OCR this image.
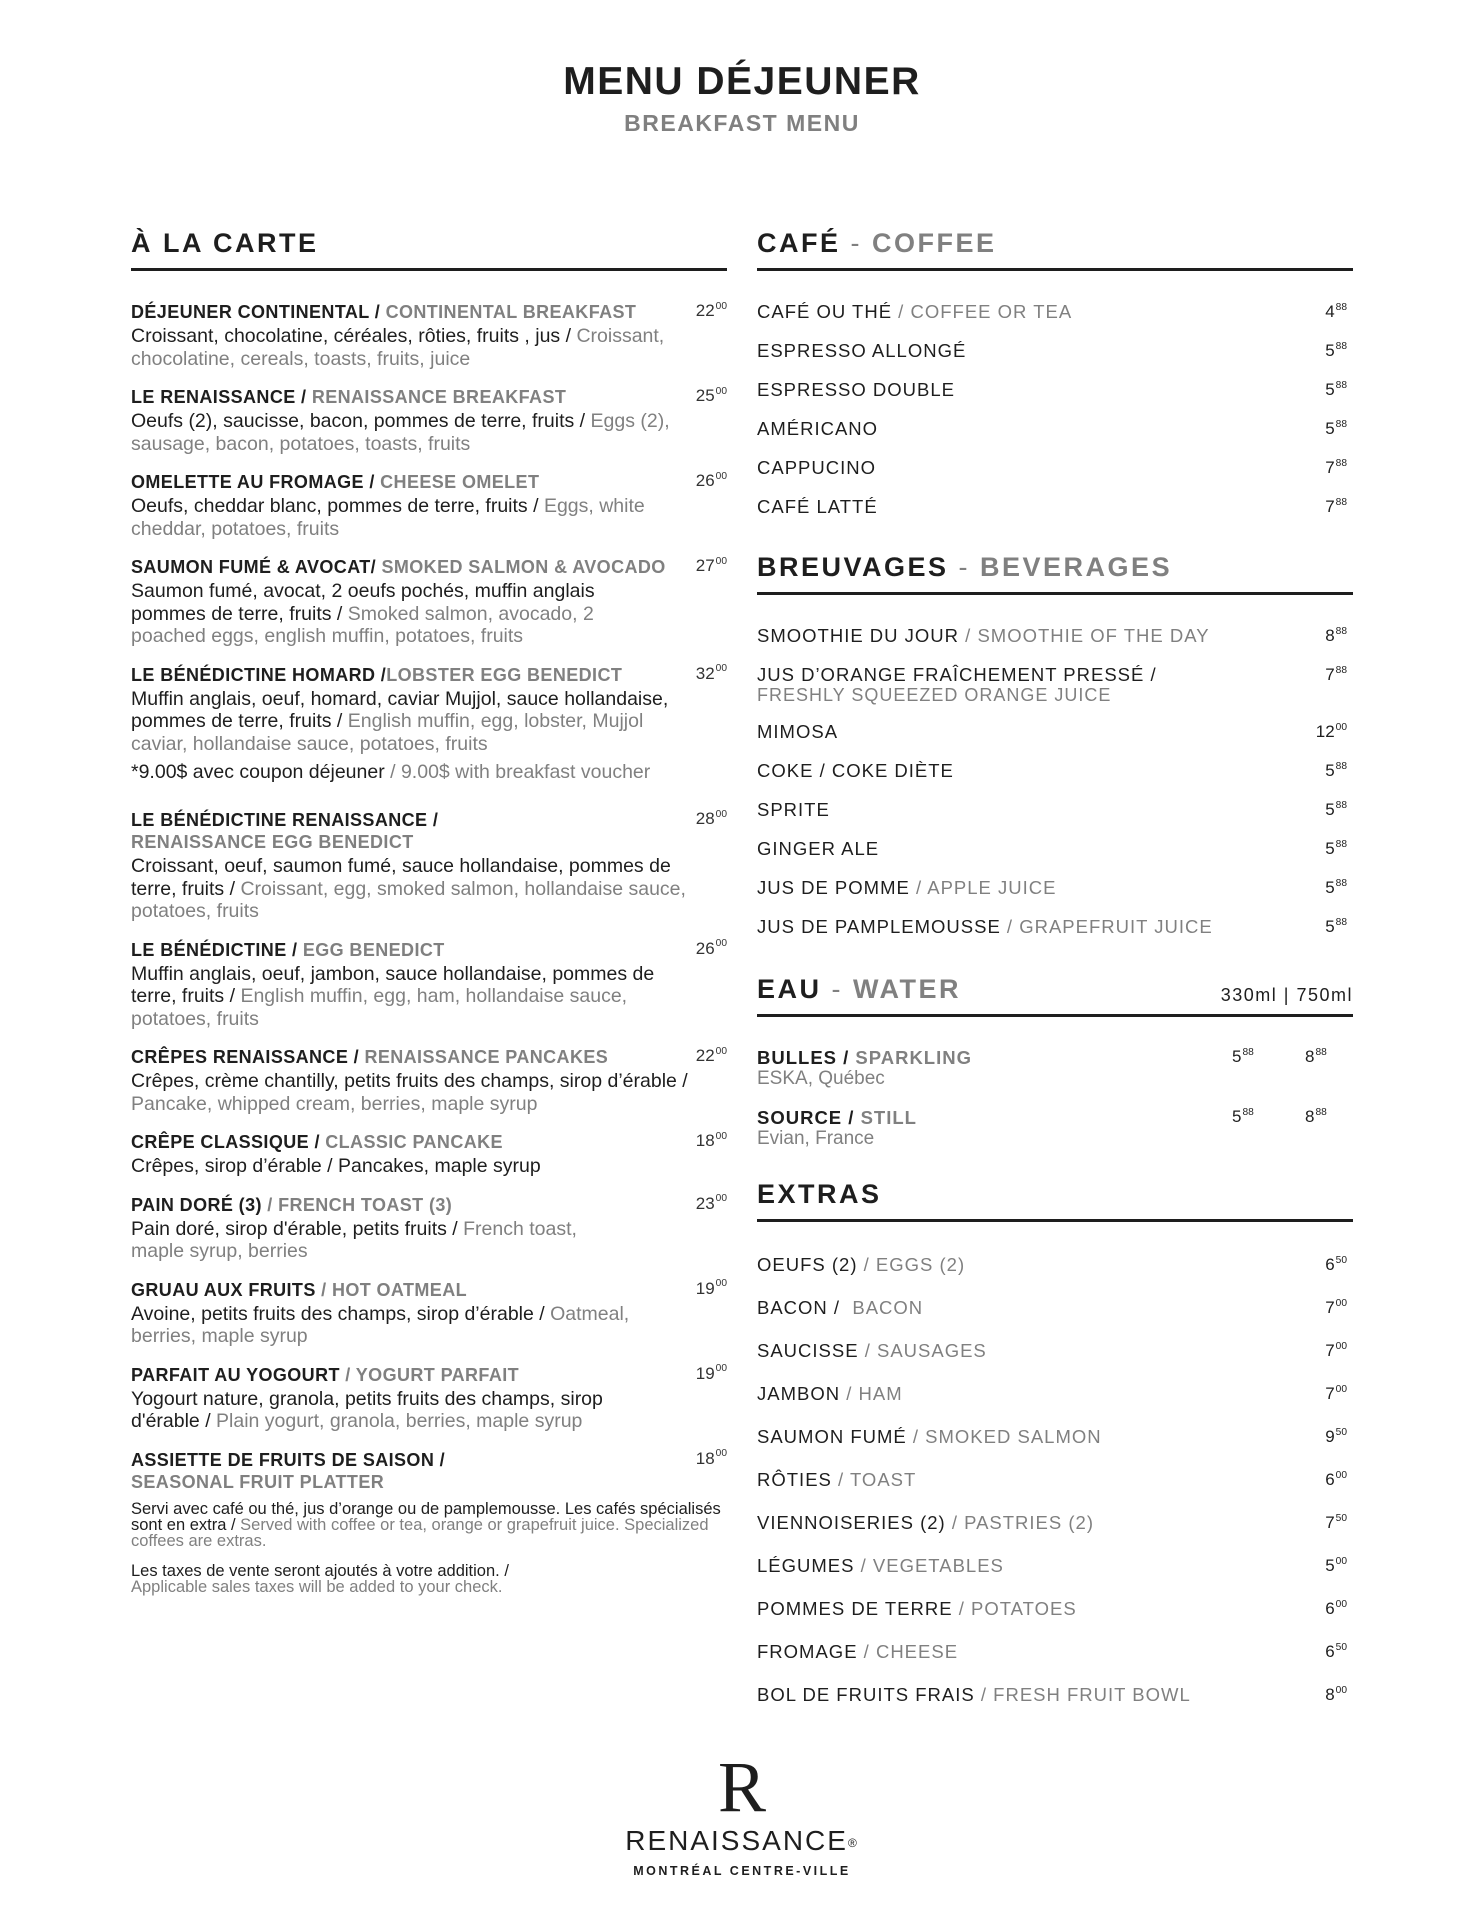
MENU DÉJEUNER
BREAKFAST MENU
À LA CARTE
DÉJEUNER CONTINENTAL / CONTINENTAL BREAKFAST	$22^{00}$
Croissant, chocolatine, céréales, rôties, fruits , jus / Croissant, chocolatine, cereals, toasts, fruits, juice
LE RENAISSANCE / RENAISSANCE BREAKFAST	$25^{00}$
Oeufs (2), saucisse, bacon, pommes de terre, fruits / Eggs (2), sausage, bacon, potatoes, toasts, fruits
OMELETTE AU FROMAGE / CHEESE OMELET	$26^{00}$
Oeufs, cheddar blanc, pommes de terre, fruits / Eggs, white cheddar, potatoes, fruits
SAUMON FUMÉ & AVOCAT/ SMOKED SALMON & AVOCADO	$27^{00}$
Saumon fumé, avocat, 2 oeufs pochés, muffin anglais pommes de terre, fruits / Smoked salmon, avocado, 2 poached eggs, english muffin, potatoes, fruits
LE BÉNÉDICTINE HOMARD /LOBSTER EGG BENEDICT	$32^{00}$
Muffin anglais, oeuf, homard, caviar Mujjol, sauce hollandaise, pommes de terre, fruits / English muffin, egg, lobster, Mujjol caviar, hollandaise sauce, potatoes, fruits
*9.00$ avec coupon déjeuner / 9.00$ with breakfast voucher
LE BÉNÉDICTINE RENAISSANCE /
RENAISSANCE EGG BENEDICT
$28^{00}$
Croissant, oeuf, saumon fumé, sauce hollandaise, pommes de terre, fruits / Croissant, egg, smoked salmon, hollandaise sauce, potatoes, fruits
LE BÉNÉDICTINE / EGG BENEDICT	$26^{00}$
Muffin anglais, oeuf, jambon, sauce hollandaise, pommes de terre, fruits / English muffin, egg, ham, hollandaise sauce, potatoes, fruits
CRÊPES RENAISSANCE / RENAISSANCE PANCAKES	$22^{00}$
Crêpes, crème chantilly, petits fruits des champs, sirop d’érable / Pancake, whipped cream, berries, maple syrup
CRÊPE CLASSIQUE / CLASSIC PANCAKE	$18^{00}$
Crêpes, sirop d’érable / Pancakes, maple syrup
PAIN DORÉ (3) / FRENCH TOAST (3)	$23^{00}$
Pain doré, sirop d'érable, petits fruits / French toast, maple syrup, berries
GRUAU AUX FRUITS / HOT OATMEAL	$19^{00}$
Avoine, petits fruits des champs, sirop d’érable / Oatmeal, berries, maple syrup
PARFAIT AU YOGOURT / YOGURT PARFAIT	$19^{00}$
Yogourt nature, granola, petits fruits des champs, sirop d'érable / Plain yogurt, granola, berries, maple syrup
ASSIETTE DE FRUITS DE SAISON /
SEASONAL FRUIT PLATTER
$18^{00}$
Servi avec café ou thé, jus d’orange ou de pamplemousse. Les cafés spécialisés sont en extra / Served with coffee or tea, orange or grapefruit juice. Specialized coffees are extras.
Les taxes de vente seront ajoutés à votre addition. /
Applicable sales taxes will be added to your check.
CAFÉ - COFFEE
CAFÉ OU THÉ / COFFEE OR TEA	$4^{88}$
ESPRESSO ALLONGÉ	$5^{88}$
ESPRESSO DOUBLE	$5^{88}$
AMÉRICANO	$5^{88}$
CAPPUCINO	$7^{88}$
CAFÉ LATTÉ	$7^{88}$
BREUVAGES - BEVERAGES
SMOOTHIE DU JOUR / SMOOTHIE OF THE DAY	$8^{88}$
JUS D’ORANGE FRAÎCHEMENT PRESSÉ /
FRESHLY SQUEEZED ORANGE JUICE
$7^{88}$
MIMOSA	$12^{00}$
COKE / COKE DIÈTE	$5^{88}$
SPRITE	$5^{88}$
GINGER ALE	$5^{88}$
JUS DE POMME / APPLE JUICE	$5^{88}$
JUS DE PAMPLEMOUSSE / GRAPEFRUIT JUICE	$5^{88}$
EAU - WATER	330ml | 750ml
BULLES / SPARKLING
ESKA, Québec
$5^{88}$	$8^{88}$
SOURCE / STILL
Evian, France
$5^{88}$	$8^{88}$
EXTRAS
OEUFS (2) / EGGS (2)	$6^{50}$
BACON /  BACON	$7^{00}$
SAUCISSE / SAUSAGES	$7^{00}$
JAMBON / HAM	$7^{00}$
SAUMON FUMÉ / SMOKED SALMON	$9^{50}$
RÔTIES / TOAST	$6^{00}$
VIENNOISERIES (2) / PASTRIES (2)	$7^{50}$
LÉGUMES / VEGETABLES	$5^{00}$
POMMES DE TERRE / POTATOES	$6^{00}$
FROMAGE / CHEESE	$6^{50}$
BOL DE FRUITS FRAIS / FRESH FRUIT BOWL	$8^{00}$
R
RENAISSANCE®
MONTRÉAL CENTRE-VILLE
